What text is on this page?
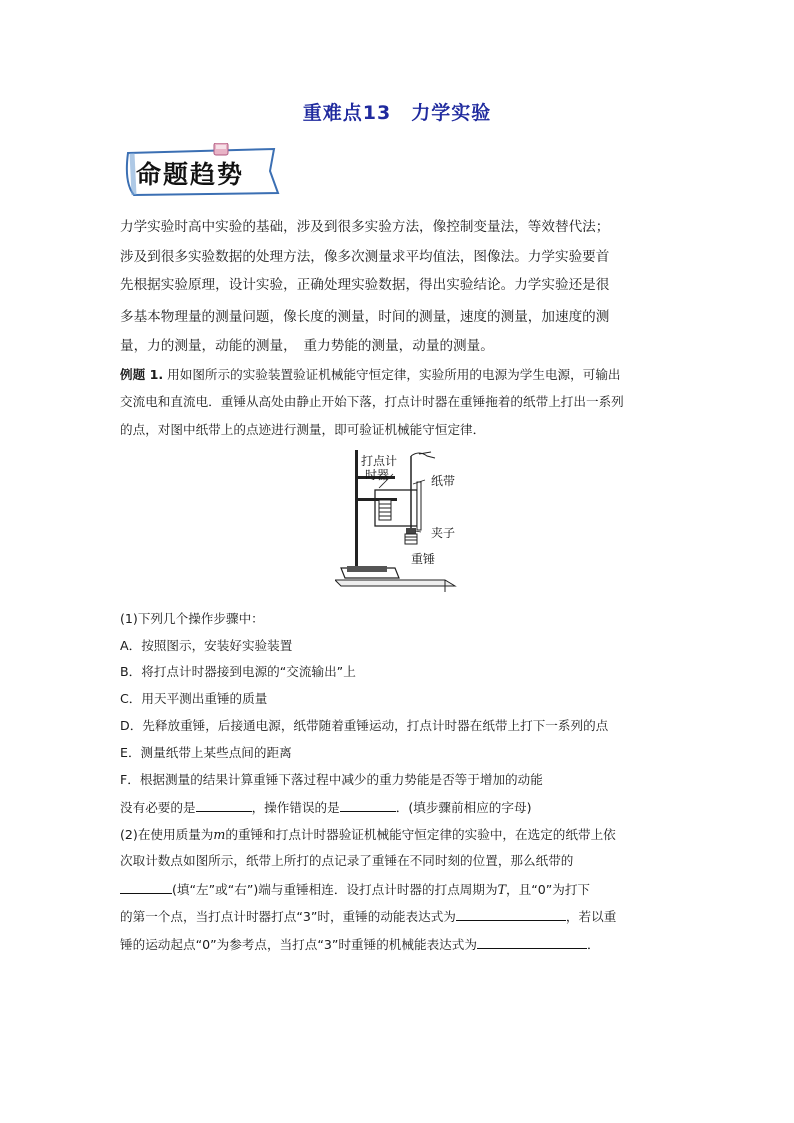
重难点13　力学实验
命题趋势
力学实验时高中实验的基础，涉及到很多实验方法，像控制变量法，等效替代法；
涉及到很多实验数据的处理方法，像多次测量求平均值法，图像法。力学实验要首
先根据实验原理，设计实验，正确处理实验数据，得出实验结论。力学实验还是很
多基本物理量的测量问题，像长度的测量，时间的测量，速度的测量，加速度的测
量，力的测量，动能的测量，　重力势能的测量，动量的测量。
例题 1. 用如图所示的实验装置验证机械能守恒定律，实验所用的电源为学生电源，可输出
交流电和直流电．重锤从高处由静止开始下落，打点计时器在重锤拖着的纸带上打出一系列
的点，对图中纸带上的点迹进行测量，即可验证机械能守恒定律．
打点计
时器	纸带
夹子
重锤
(1)下列几个操作步骤中：
A．按照图示，安装好实验装置
B．将打点计时器接到电源的“交流输出”上
C．用天平测出重锤的质量
D．先释放重锤，后接通电源，纸带随着重锤运动，打点计时器在纸带上打下一系列的点
E．测量纸带上某些点间的距离
F．根据测量的结果计算重锤下落过程中减少的重力势能是否等于增加的动能
没有必要的是	，操作错误的是	．(填步骤前相应的字母)
(2)在使用质量为m的重锤和打点计时器验证机械能守恒定律的实验中，在选定的纸带上依
次取计数点如图所示，纸带上所打的点记录了重锤在不同时刻的位置，那么纸带的
(填“左”或“右”)端与重锤相连．设打点计时器的打点周期为T，且“0”为打下
的第一个点，当打点计时器打点“3”时，重锤的动能表达式为	，若以重
锤的运动起点“0”为参考点，当打点“3”时重锤的机械能表达式为	．
